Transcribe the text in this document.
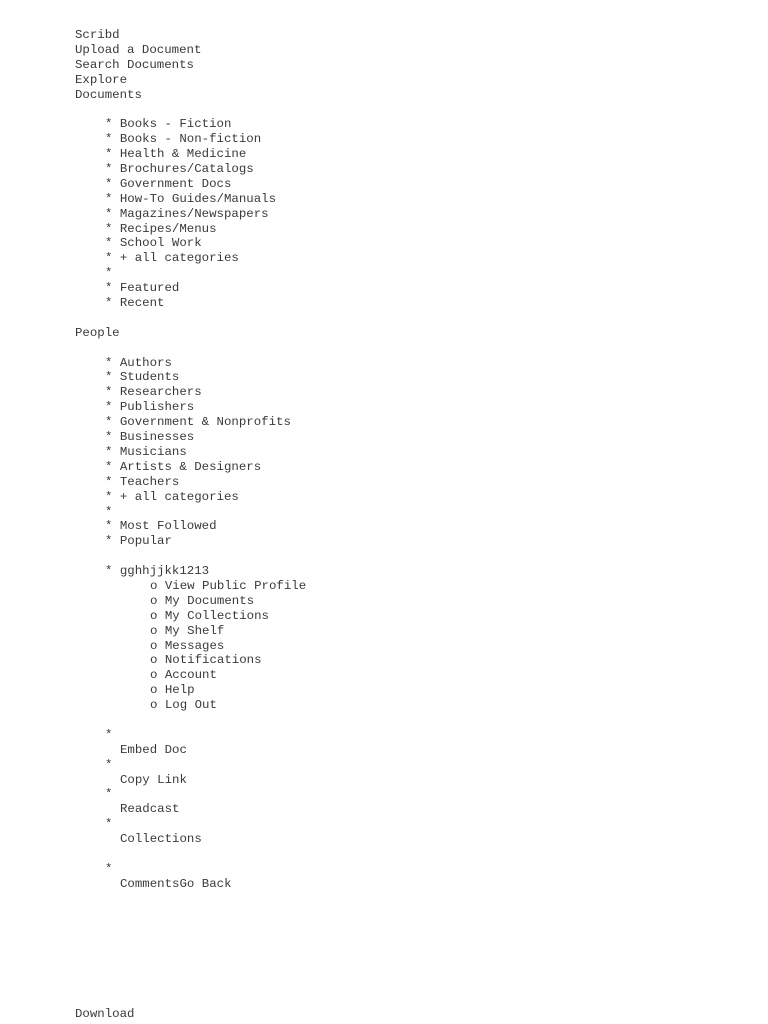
Scribd
Upload a Document
Search Documents
Explore
Documents
* Books - Fiction
* Books - Non-fiction
* Health & Medicine
* Brochures/Catalogs
* Government Docs
* How-To Guides/Manuals
* Magazines/Newspapers
* Recipes/Menus
* School Work
* + all categories
*
* Featured
* Recent
People
* Authors
* Students
* Researchers
* Publishers
* Government & Nonprofits
* Businesses
* Musicians
* Artists & Designers
* Teachers
* + all categories
*
* Most Followed
* Popular
* gghhjjkk1213
o View Public Profile
o My Documents
o My Collections
o My Shelf
o Messages
o Notifications
o Account
o Help
o Log Out
*
Embed Doc
*
Copy Link
*
Readcast
*
Collections
*
CommentsGo Back
Download
